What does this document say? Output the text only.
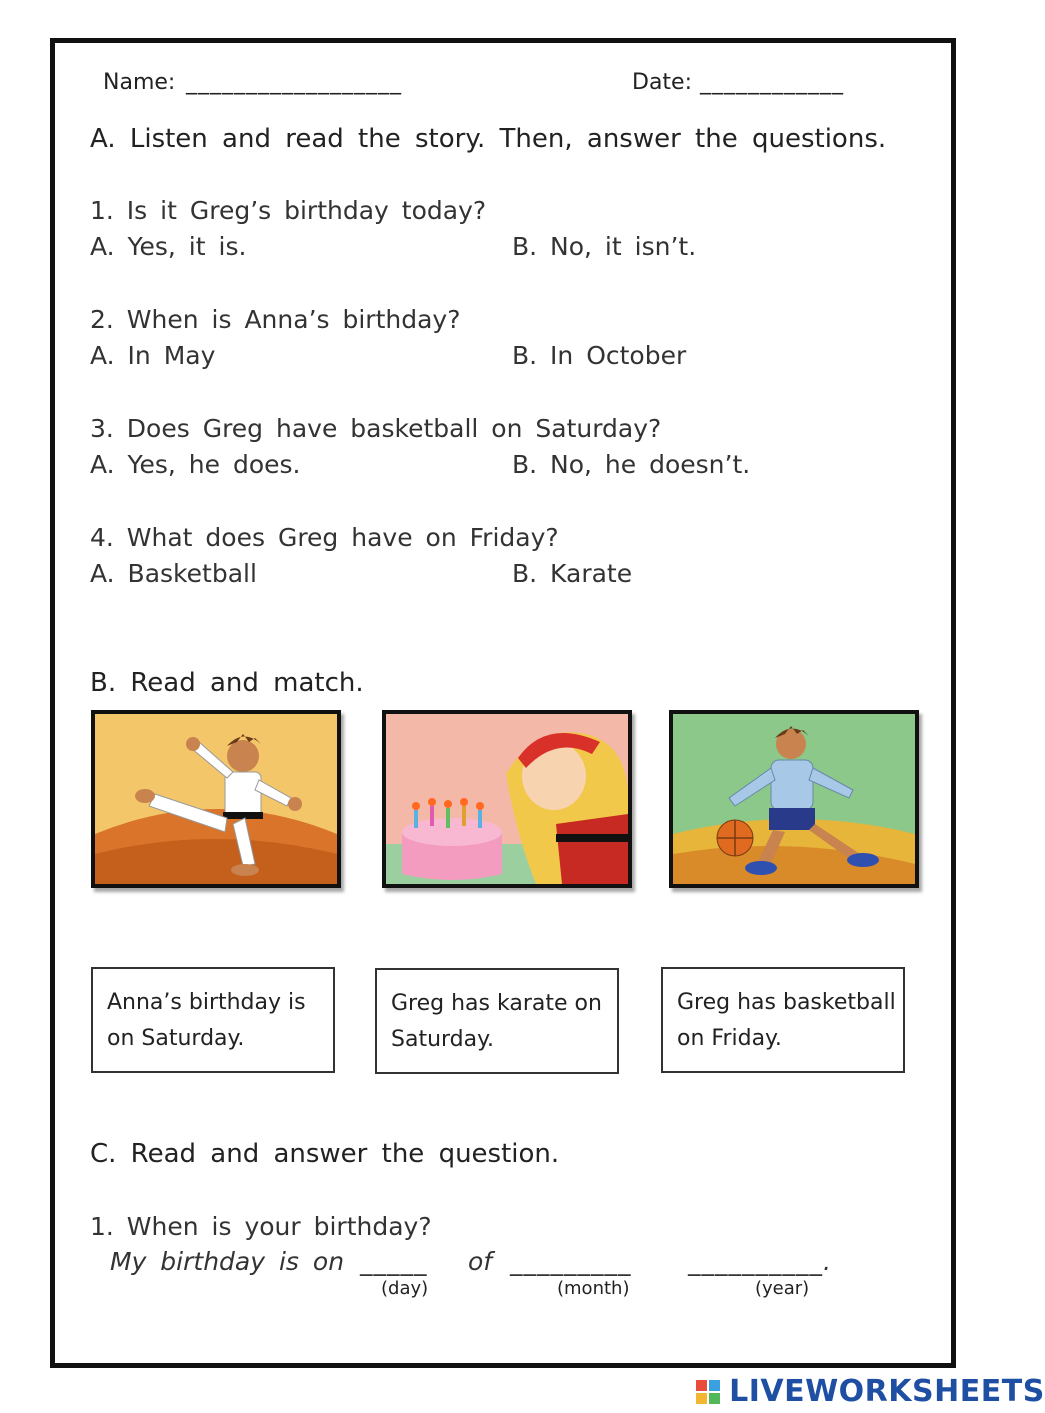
Name: __________________	Date: ____________
A. Listen and read the story. Then, answer the questions.
1. Is it Greg’s birthday today?
A. Yes, it is.	B. No, it isn’t.
2. When is Anna’s birthday?
A. In May	B. In October
3. Does Greg have basketball on Saturday?
A. Yes, he does.	B. No, he doesn’t.
4. What does Greg have on Friday?
A. Basketball	B. Karate
B. Read and match.
Anna’s birthday is on Saturday.
Greg has karate on Saturday.
Greg has basketball on Friday.
C. Read and answer the question.
1. When is your birthday?
My birthday is on _____ of _________ __________.
(day)	(month)	(year)
LIVEWORKSHEETS
